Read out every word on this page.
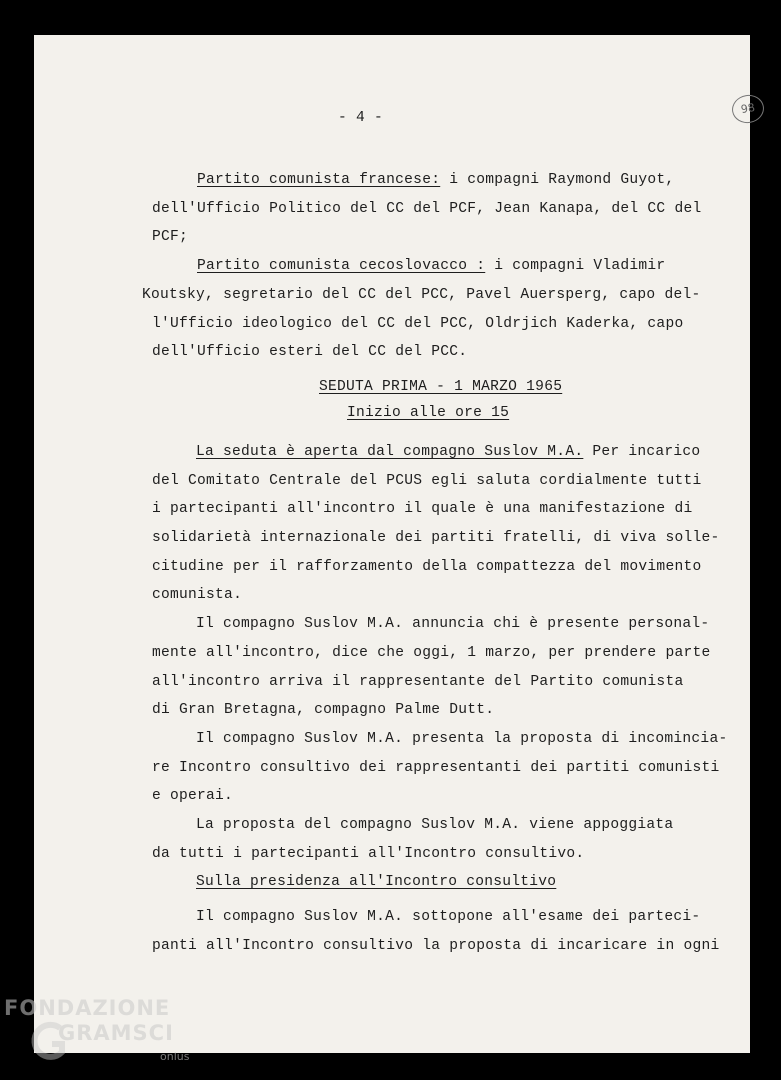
- 4 -
98
Partito comunista francese: i compagni Raymond Guyot,
dell'Ufficio Politico del CC del PCF, Jean Kanapa, del CC del
PCF;
Partito comunista cecoslovacco : i compagni Vladimir
Koutsky, segretario del CC del PCC, Pavel Auersperg, capo del-
l'Ufficio ideologico del CC del PCC, Oldrjich Kaderka, capo
dell'Ufficio esteri del CC del PCC.
SEDUTA PRIMA - 1 MARZO 1965
Inizio alle ore 15
La seduta è aperta dal compagno Suslov M.A. Per incarico
del Comitato Centrale del PCUS egli saluta cordialmente tutti
i partecipanti all'incontro il quale è una manifestazione di
solidarietà internazionale dei partiti fratelli, di viva solle-
citudine per il rafforzamento della compattezza del movimento
comunista.
Il compagno Suslov M.A. annuncia chi è presente personal-
mente all'incontro, dice che oggi, 1 marzo, per prendere parte
all'incontro arriva il rappresentante del Partito comunista
di Gran Bretagna, compagno Palme Dutt.
Il compagno Suslov M.A. presenta la proposta di incomincia-
re Incontro consultivo dei rappresentanti dei partiti comunisti
e operai.
La proposta del compagno Suslov M.A. viene appoggiata
da tutti i partecipanti all'Incontro consultivo.
Sulla presidenza all'Incontro consultivo
Il compagno Suslov M.A. sottopone all'esame dei parteci-
panti all'Incontro consultivo la proposta di incaricare in ogni
FONDAZIONE
GRAMSCI
onlus
